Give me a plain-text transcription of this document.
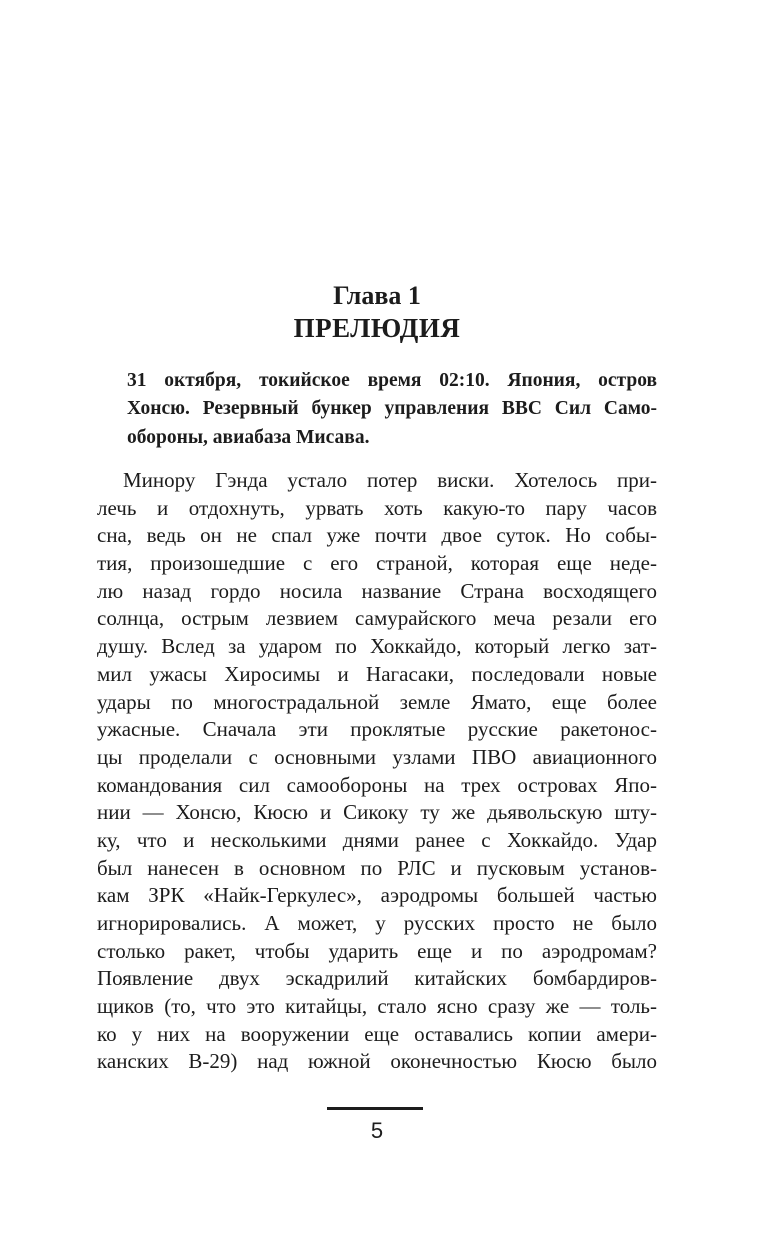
Глава 1
ПРЕЛЮДИЯ
31 октября, токийское время 02:10. Япония, остров
Хонсю. Резервный бункер управления ВВС Сил Само-
обороны, авиабаза Мисава.
Минору Гэнда устало потер виски. Хотелось при-
лечь и отдохнуть, урвать хоть какую-то пару часов
сна, ведь он не спал уже почти двое суток. Но собы-
тия, произошедшие с его страной, которая еще неде-
лю назад гордо носила название Страна восходящего
солнца, острым лезвием самурайского меча резали его
душу. Вслед за ударом по Хоккайдо, который легко зат-
мил ужасы Хиросимы и Нагасаки, последовали новые
удары по многострадальной земле Ямато, еще более
ужасные. Сначала эти проклятые русские ракетонос-
цы проделали с основными узлами ПВО авиационного
командования сил самообороны на трех островах Япо-
нии — Хонсю, Кюсю и Сикоку ту же дьявольскую шту-
ку, что и несколькими днями ранее с Хоккайдо. Удар
был нанесен в основном по РЛС и пусковым установ-
кам ЗРК «Найк-Геркулес», аэродромы большей частью
игнорировались. А может, у русских просто не было
столько ракет, чтобы ударить еще и по аэродромам?
Появление двух эскадрилий китайских бомбардиров-
щиков (то, что это китайцы, стало ясно сразу же — толь-
ко у них на вооружении еще оставались копии амери-
канских В-29) над южной оконечностью Кюсю было
5
